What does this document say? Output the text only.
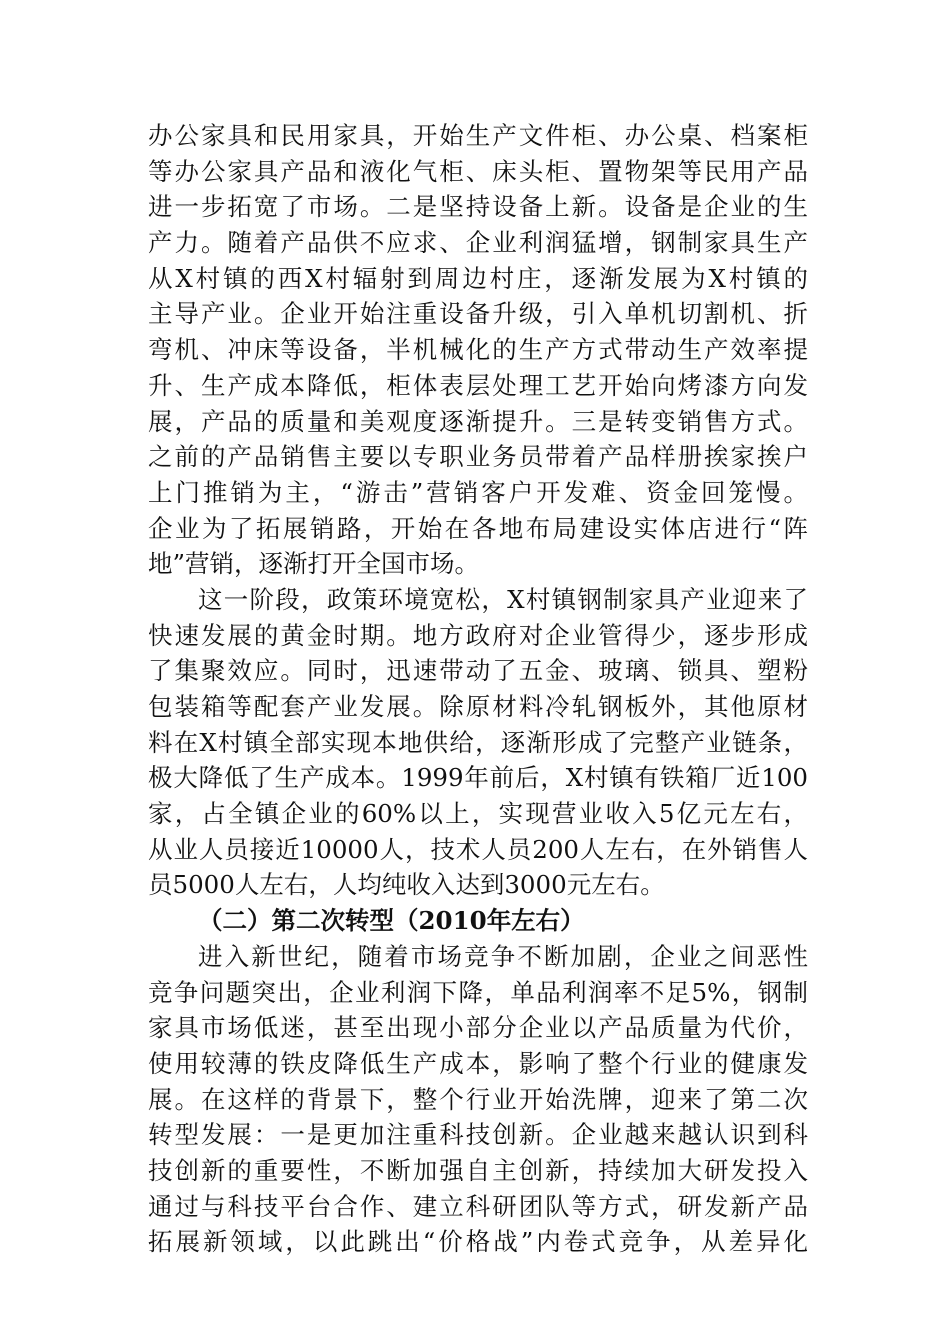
办公家具和民用家具，开始生产文件柜、办公桌、档案柜
等办公家具产品和液化气柜、床头柜、置物架等民用产品
进一步拓宽了市场。二是坚持设备上新。设备是企业的生
产力。随着产品供不应求、企业利润猛增，钢制家具生产
从X村镇的西X村辐射到周边村庄，逐渐发展为X村镇的
主导产业。企业开始注重设备升级，引入单机切割机、折
弯机、冲床等设备，半机械化的生产方式带动生产效率提
升、生产成本降低，柜体表层处理工艺开始向烤漆方向发
展，产品的质量和美观度逐渐提升。三是转变销售方式。
之前的产品销售主要以专职业务员带着产品样册挨家挨户
上门推销为主，“游击”营销客户开发难、资金回笼慢。
企业为了拓展销路，开始在各地布局建设实体店进行“阵
地”营销，逐渐打开全国市场。
这一阶段，政策环境宽松，X村镇钢制家具产业迎来了
快速发展的黄金时期。地方政府对企业管得少，逐步形成
了集聚效应。同时，迅速带动了五金、玻璃、锁具、塑粉
包装箱等配套产业发展。除原材料冷轧钢板外，其他原材
料在X村镇全部实现本地供给，逐渐形成了完整产业链条，
极大降低了生产成本。1999年前后，X村镇有铁箱厂近100
家，占全镇企业的60%以上，实现营业收入5亿元左右，
从业人员接近10000人，技术人员200人左右，在外销售人
员5000人左右，人均纯收入达到3000元左右。
（二）第二次转型（2010年左右）
进入新世纪，随着市场竞争不断加剧，企业之间恶性
竞争问题突出，企业利润下降，单品利润率不足5%，钢制
家具市场低迷，甚至出现小部分企业以产品质量为代价，
使用较薄的铁皮降低生产成本，影响了整个行业的健康发
展。在这样的背景下，整个行业开始洗牌，迎来了第二次
转型发展：一是更加注重科技创新。企业越来越认识到科
技创新的重要性，不断加强自主创新，持续加大研发投入
通过与科技平台合作、建立科研团队等方式，研发新产品
拓展新领域，以此跳出“价格战”内卷式竞争，从差异化
